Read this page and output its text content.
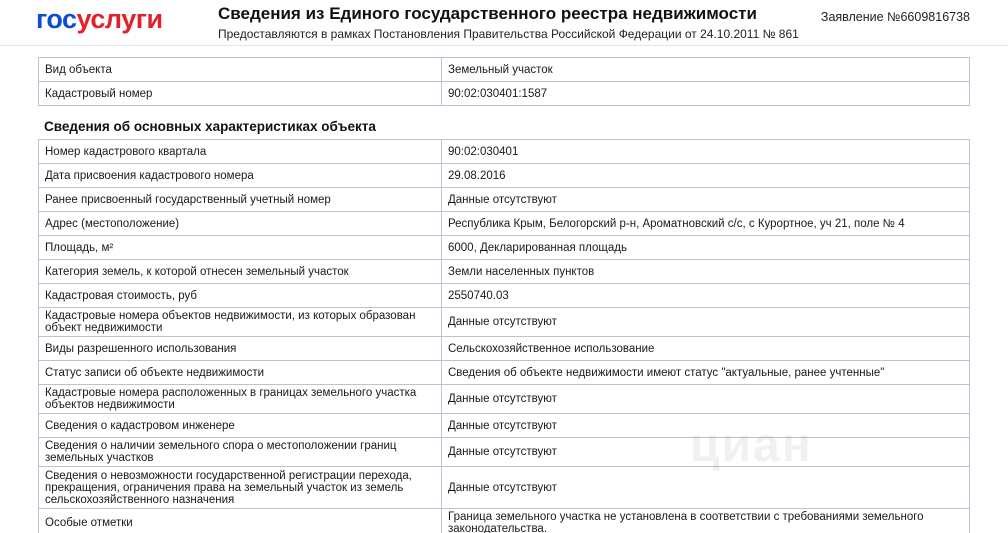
госуслуги	Сведения из Единого государственного реестра недвижимости
Предоставляются в рамках Постановления Правительства Российской Федерации от 24.10.2011 № 861
Заявление №6609816738
Вид объекта	Земельный участок
Кадастровый номер	90:02:030401:1587
Сведения об основных характеристиках объекта
Номер кадастрового квартала	90:02:030401
Дата присвоения кадастрового номера	29.08.2016
Ранее присвоенный государственный учетный номер	Данные отсутствуют
Адрес (местоположение)	Республика Крым, Белогорский р-н, Ароматновский с/с, с Курортное, уч 21, поле № 4
Площадь, м²	6000, Декларированная площадь
Категория земель, к которой отнесен земельный участок	Земли населенных пунктов
Кадастровая стоимость, руб	2550740.03
Кадастровые номера объектов недвижимости, из которых образован объект недвижимости	Данные отсутствуют
Виды разрешенного использования	Сельскохозяйственное использование
Статус записи об объекте недвижимости	Сведения об объекте недвижимости имеют статус "актуальные, ранее учтенные"
Кадастровые номера расположенных в границах земельного участка объектов недвижимости	Данные отсутствуют
Сведения о кадастровом инженере	Данные отсутствуют
Сведения о наличии земельного спора о местоположении границ земельных участков	Данные отсутствуют
Сведения о невозможности государственной регистрации перехода, прекращения, ограничения права на земельный участок из земель сельскохозяйственного назначения	Данные отсутствуют
Особые отметки	Граница земельного участка не установлена в соответствии с требованиями земельного законодательства.
циан
